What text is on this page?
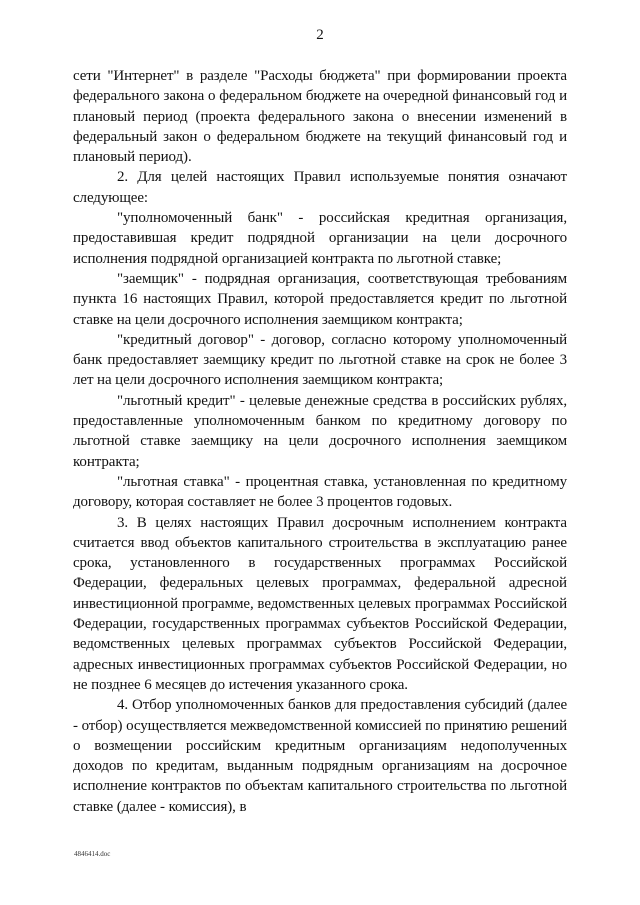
2

сети "Интернет" в разделе "Расходы бюджета" при формировании проекта федерального закона о федеральном бюджете на очередной финансовый год и плановый период (проекта федерального закона о внесении изменений в федеральный закон о федеральном бюджете на текущий финансовый год и плановый период).

2. Для целей настоящих Правил используемые понятия означают следующее:

"уполномоченный банк" - российская кредитная организация, предоставившая кредит подрядной организации на цели досрочного исполнения подрядной организацией контракта по льготной ставке;

"заемщик" - подрядная организация, соответствующая требованиям пункта 16 настоящих Правил, которой предоставляется кредит по льготной ставке на цели досрочного исполнения заемщиком контракта;

"кредитный договор" - договор, согласно которому уполномоченный банк предоставляет заемщику кредит по льготной ставке на срок не более 3 лет на цели досрочного исполнения заемщиком контракта;

"льготный кредит" - целевые денежные средства в российских рублях, предоставленные уполномоченным банком по кредитному договору по льготной ставке заемщику на цели досрочного исполнения заемщиком контракта;

"льготная ставка" - процентная ставка, установленная по кредитному договору, которая составляет не более 3 процентов годовых.

3. В целях настоящих Правил досрочным исполнением контракта считается ввод объектов капитального строительства в эксплуатацию ранее срока, установленного в государственных программах Российской Федерации, федеральных целевых программах, федеральной адресной инвестиционной программе, ведомственных целевых программах Российской Федерации, государственных программах субъектов Российской Федерации, ведомственных целевых программах субъектов Российской Федерации, адресных инвестиционных программах субъектов Российской Федерации, но не позднее 6 месяцев до истечения указанного срока.

4. Отбор уполномоченных банков для предоставления субсидий (далее - отбор) осуществляется межведомственной комиссией по принятию решений о возмещении российским кредитным организациям недополученных доходов по кредитам, выданным подрядным организациям на досрочное исполнение контрактов по объектам капитального строительства по льготной ставке (далее - комиссия), в

4846414.doc
